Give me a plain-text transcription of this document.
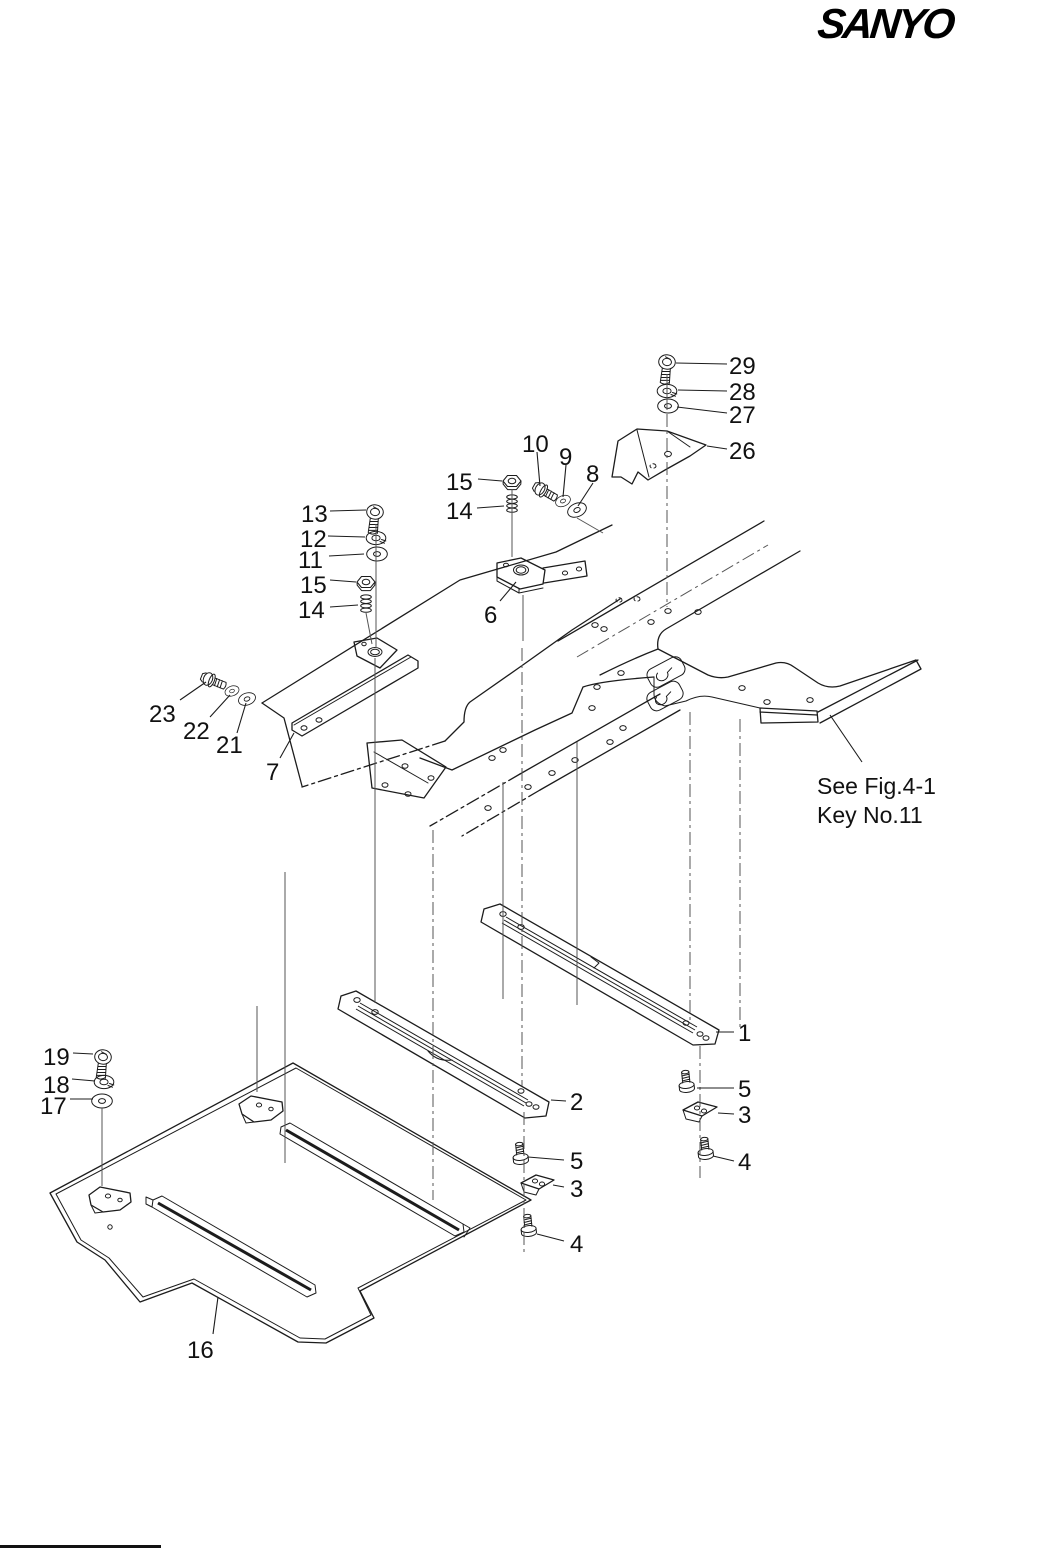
SANYO
29
28
27
26
10 9
8
15
14
13
12
11
15
14	6
23
22
21
7	See Fig.4-1
Key No.11
1
5
3
4
2
5
3
4
19
18
17
16
